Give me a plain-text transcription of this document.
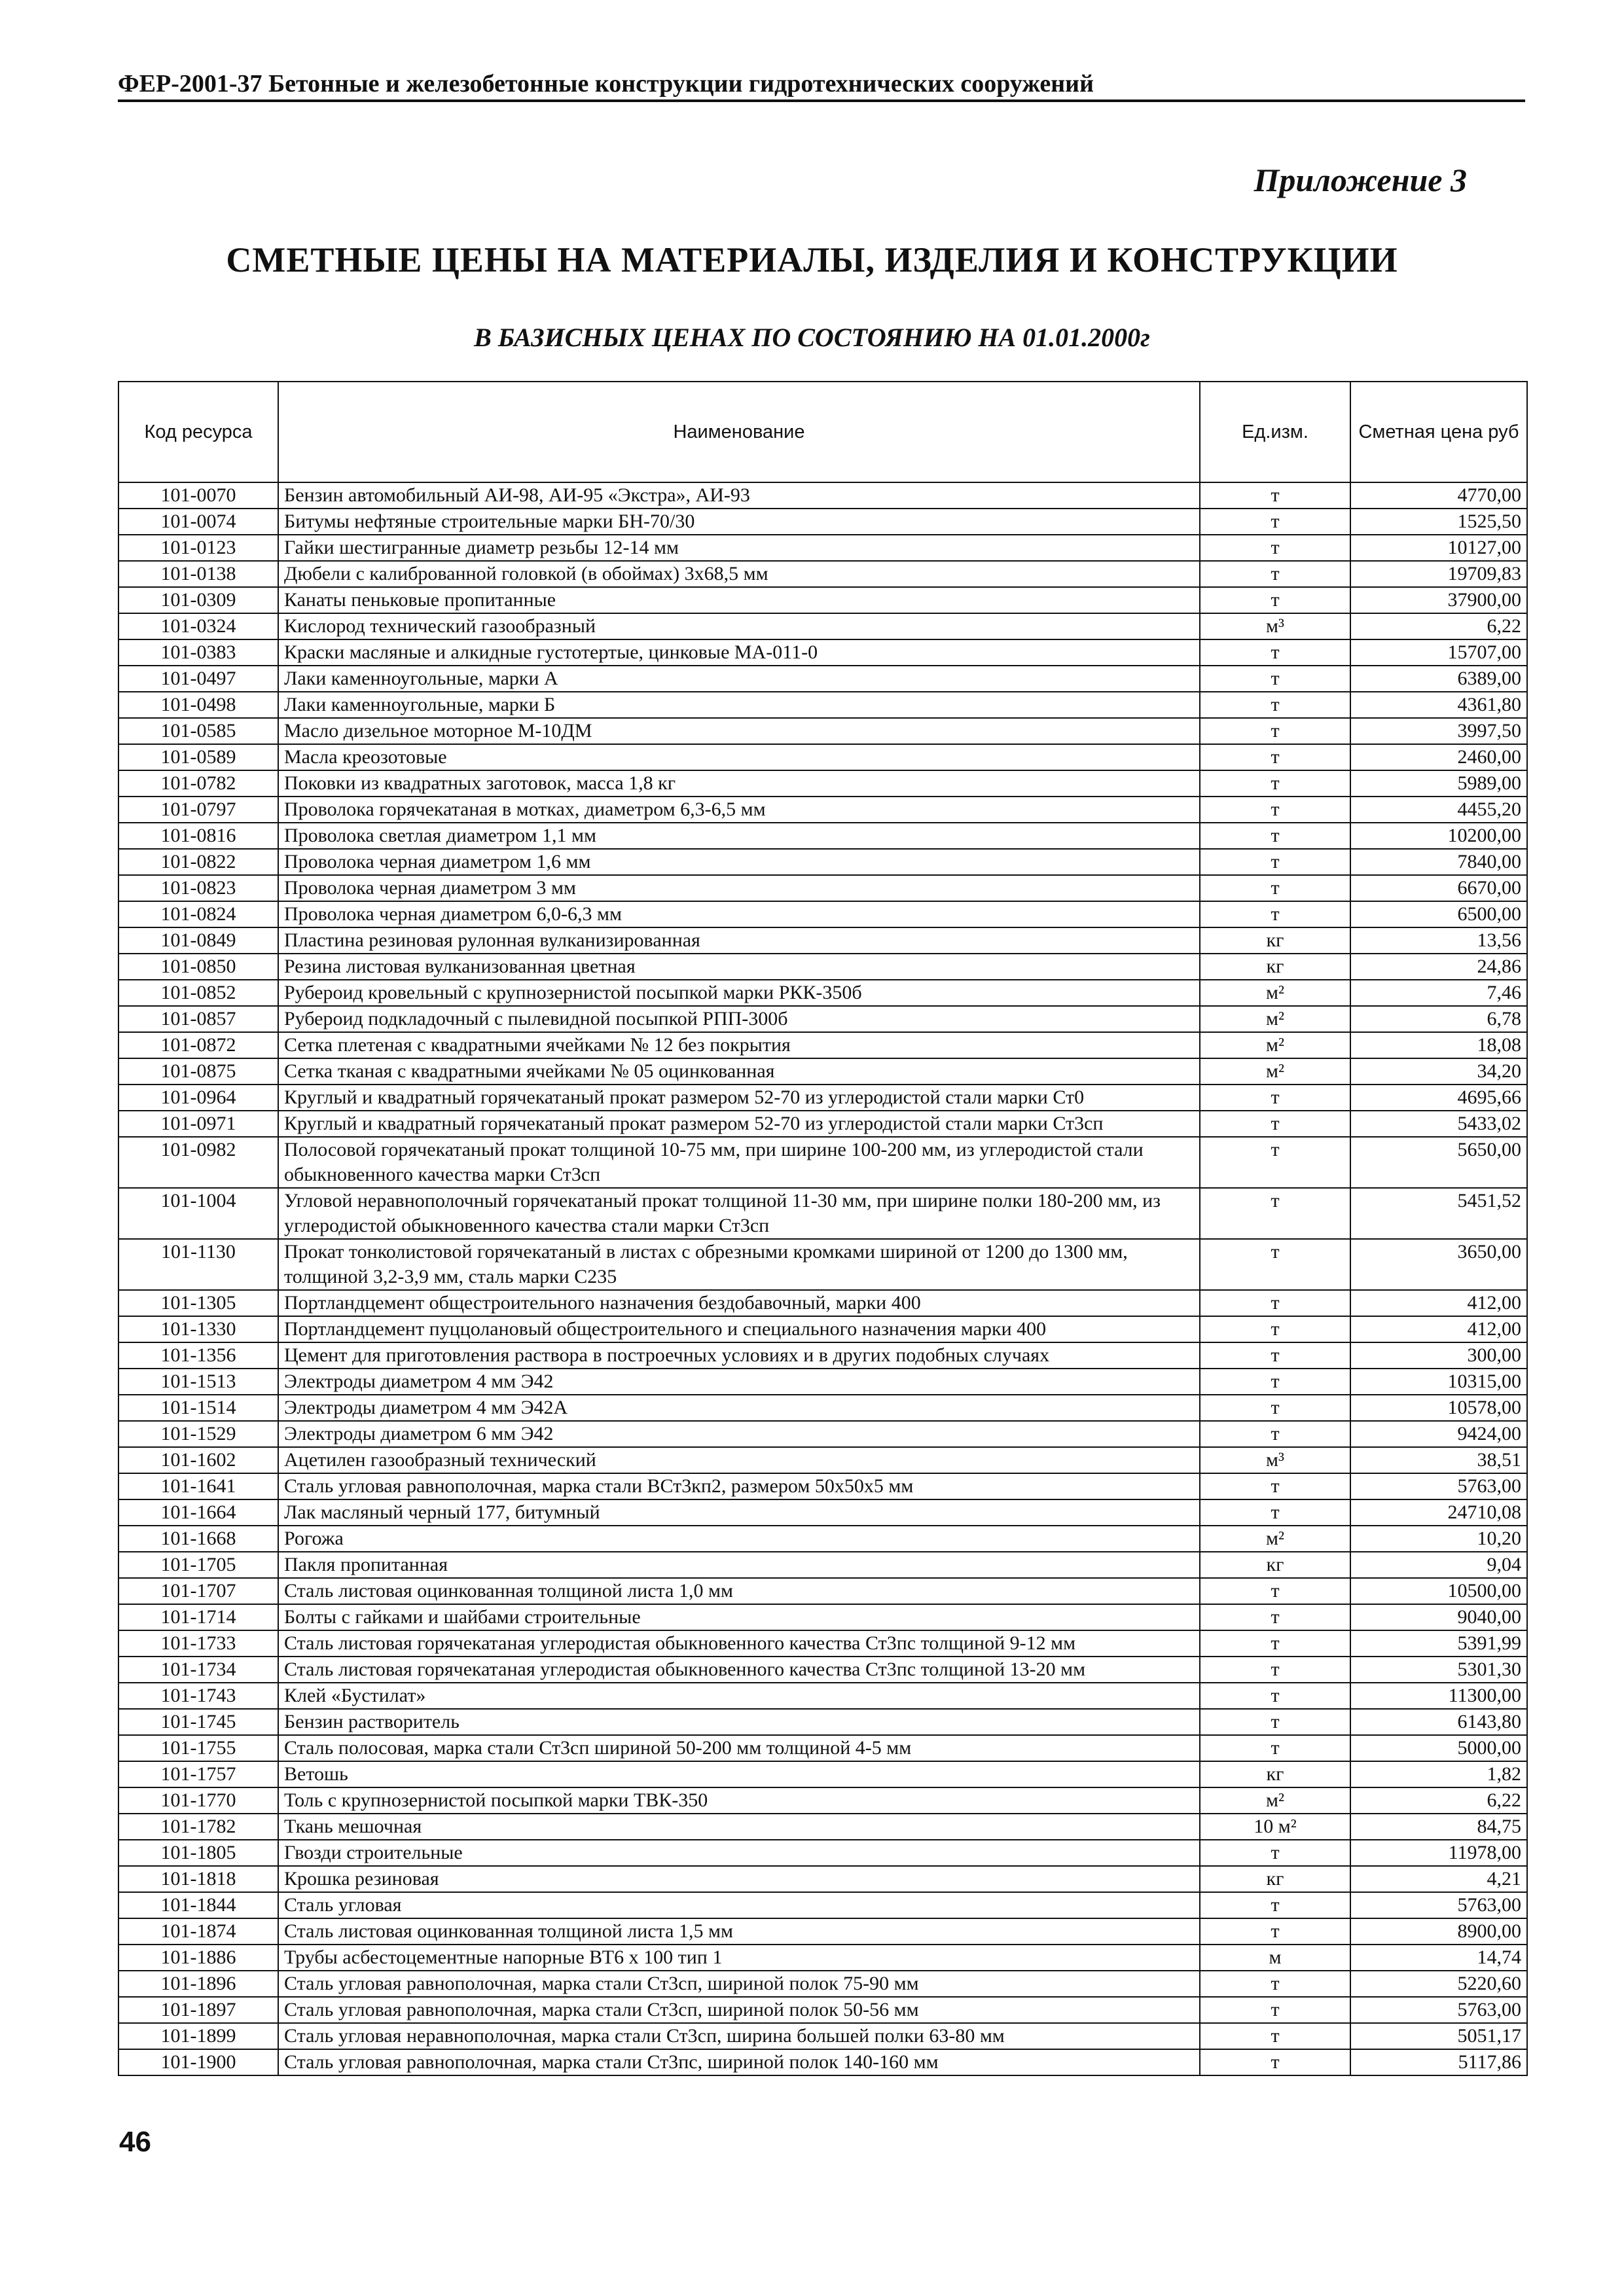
ФЕР-2001-37 Бетонные и железобетонные конструкции гидротехнических сооружений
Приложение 3
СМЕТНЫЕ ЦЕНЫ НА МАТЕРИАЛЫ, ИЗДЕЛИЯ И КОНСТРУКЦИИ
В БАЗИСНЫХ ЦЕНАХ ПО СОСТОЯНИЮ НА 01.01.2000г
Код ресурса	Наименование	Ед.изм.	Сметная цена руб
101-0070	Бензин автомобильный АИ-98, АИ-95 «Экстра», АИ-93	т	4770,00
101-0074	Битумы нефтяные строительные марки БН-70/30	т	1525,50
101-0123	Гайки шестигранные диаметр резьбы 12-14 мм	т	10127,00
101-0138	Дюбели с калиброванной головкой (в обоймах) 3х68,5 мм	т	19709,83
101-0309	Канаты пеньковые пропитанные	т	37900,00
101-0324	Кислород технический газообразный	м³	6,22
101-0383	Краски масляные и алкидные густотертые, цинковые МА-011-0	т	15707,00
101-0497	Лаки каменноугольные, марки А	т	6389,00
101-0498	Лаки каменноугольные, марки Б	т	4361,80
101-0585	Масло дизельное моторное М-10ДМ	т	3997,50
101-0589	Масла креозотовые	т	2460,00
101-0782	Поковки из квадратных заготовок, масса 1,8 кг	т	5989,00
101-0797	Проволока горячекатаная в мотках, диаметром 6,3-6,5 мм	т	4455,20
101-0816	Проволока светлая диаметром 1,1 мм	т	10200,00
101-0822	Проволока черная диаметром 1,6 мм	т	7840,00
101-0823	Проволока черная диаметром 3 мм	т	6670,00
101-0824	Проволока черная диаметром 6,0-6,3 мм	т	6500,00
101-0849	Пластина резиновая рулонная вулканизированная	кг	13,56
101-0850	Резина листовая вулканизованная цветная	кг	24,86
101-0852	Рубероид кровельный с крупнозернистой посыпкой марки РКК-350б	м²	7,46
101-0857	Рубероид подкладочный с пылевидной посыпкой РПП-300б	м²	6,78
101-0872	Сетка плетеная с квадратными ячейками № 12 без покрытия	м²	18,08
101-0875	Сетка тканая с квадратными ячейками № 05 оцинкованная	м²	34,20
101-0964	Круглый и квадратный горячекатаный прокат размером 52-70 из углеродистой стали марки Ст0	т	4695,66
101-0971	Круглый и квадратный горячекатаный прокат размером 52-70 из углеродистой стали марки Ст3сп	т	5433,02
101-0982	Полосовой горячекатаный прокат толщиной 10-75 мм, при ширине 100-200 мм, из углеродистой стали обыкновенного качества марки Ст3сп	т	5650,00
101-1004	Угловой неравнополочный горячекатаный прокат толщиной 11-30 мм, при ширине полки 180-200 мм, из углеродистой обыкновенного качества стали марки Ст3сп	т	5451,52
101-1130	Прокат тонколистовой горячекатаный в листах с обрезными кромками шириной от 1200 до 1300 мм, толщиной 3,2-3,9 мм, сталь марки С235	т	3650,00
101-1305	Портландцемент общестроительного назначения бездобавочный, марки 400	т	412,00
101-1330	Портландцемент пуццолановый общестроительного и специального назначения марки 400	т	412,00
101-1356	Цемент для приготовления раствора в построечных условиях и в других подобных случаях	т	300,00
101-1513	Электроды диаметром 4 мм Э42	т	10315,00
101-1514	Электроды диаметром 4 мм Э42А	т	10578,00
101-1529	Электроды диаметром 6 мм Э42	т	9424,00
101-1602	Ацетилен газообразный технический	м³	38,51
101-1641	Сталь угловая равнополочная, марка стали ВСт3кп2, размером 50х50х5 мм	т	5763,00
101-1664	Лак масляный черный 177, битумный	т	24710,08
101-1668	Рогожа	м²	10,20
101-1705	Пакля пропитанная	кг	9,04
101-1707	Сталь листовая оцинкованная толщиной листа 1,0 мм	т	10500,00
101-1714	Болты с гайками и шайбами строительные	т	9040,00
101-1733	Сталь листовая горячекатаная углеродистая обыкновенного качества Ст3пс толщиной 9-12 мм	т	5391,99
101-1734	Сталь листовая горячекатаная углеродистая обыкновенного качества Ст3пс толщиной 13-20 мм	т	5301,30
101-1743	Клей «Бустилат»	т	11300,00
101-1745	Бензин растворитель	т	6143,80
101-1755	Сталь полосовая, марка стали Ст3сп шириной 50-200 мм толщиной 4-5 мм	т	5000,00
101-1757	Ветошь	кг	1,82
101-1770	Толь с крупнозернистой посыпкой марки ТВК-350	м²	6,22
101-1782	Ткань мешочная	10 м²	84,75
101-1805	Гвозди строительные	т	11978,00
101-1818	Крошка резиновая	кг	4,21
101-1844	Сталь угловая	т	5763,00
101-1874	Сталь листовая оцинкованная толщиной листа 1,5 мм	т	8900,00
101-1886	Трубы асбестоцементные напорные ВТ6 х 100 тип 1	м	14,74
101-1896	Сталь угловая равнополочная, марка стали Ст3сп, шириной полок 75-90 мм	т	5220,60
101-1897	Сталь угловая равнополочная, марка стали Ст3сп, шириной полок 50-56 мм	т	5763,00
101-1899	Сталь угловая неравнополочная, марка стали Ст3сп, ширина большей полки 63-80 мм	т	5051,17
101-1900	Сталь угловая равнополочная, марка стали Ст3пс, шириной полок 140-160 мм	т	5117,86
46
